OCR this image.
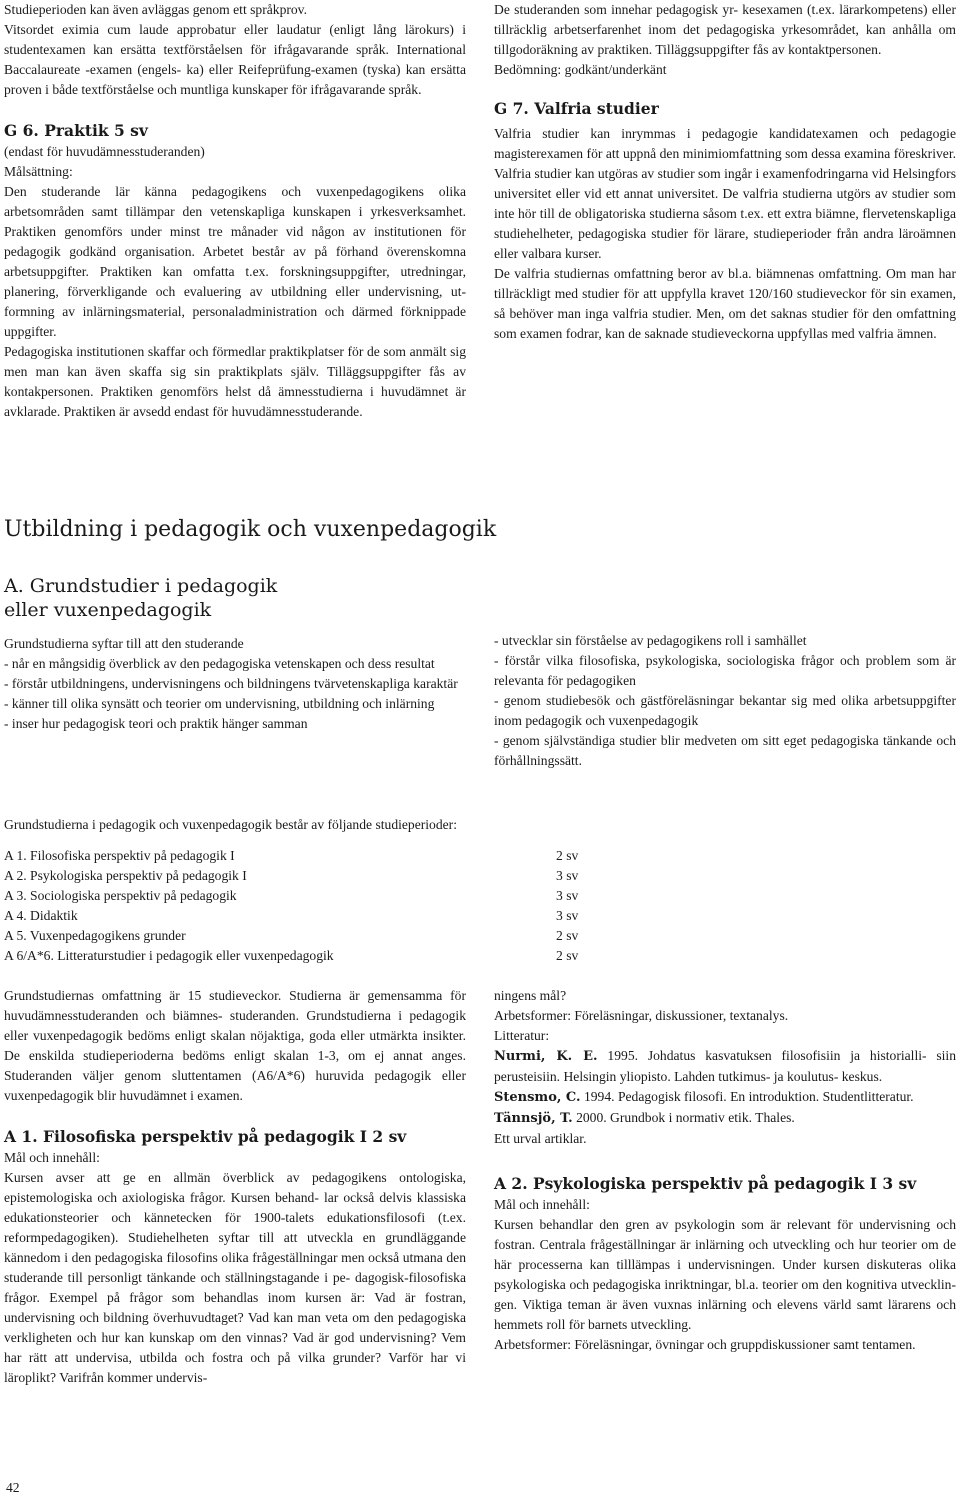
Studieperioden kan även avläggas genom ett språkprov.

Vitsordet eximia cum laude approbatur eller laudatur (enligt lång lärokurs) i studentexamen kan ersätta textförståelsen för ifrågavarande språk. International Baccalaureate -examen (engels- ka) eller Reifeprüfung-examen (tyska) kan ersätta proven i både textförståelse och muntliga kunskaper för ifrågavarande språk.

G 6. Praktik 5 sv

(endast för huvudämnesstuderanden)

Målsättning:

Den studerande lär känna pedagogikens och vuxenpedagogikens olika arbetsområden samt tillämpar den vetenskapliga kunskapen i yrkesverksamhet. Praktiken genomförs under minst tre månader vid någon av institutionen för pedagogik godkänd organisation. Arbetet består av på förhand överenskomna arbetsuppgifter. Praktiken kan omfatta t.ex. forskningsuppgifter, utredningar, planering, förverkligande och evaluering av utbildning eller undervisning, ut- formning av inlärningsmaterial, personaladministration och därmed förknippade uppgifter.

Pedagogiska institutionen skaffar och förmedlar praktikplatser för de som anmält sig men man kan även skaffa sig sin praktikplats själv. Tilläggsuppgifter fås av kontakpersonen. Praktiken genomförs helst då ämnesstudierna i huvudämnet är avklarade. Praktiken är avsedd endast för huvudämnesstuderande.

De studeranden som innehar pedagogisk yr- kesexamen (t.ex. lärarkompetens) eller tillräcklig arbetserfarenhet inom det pedagogiska yrkesområdet, kan anhålla om tillgodoräkning av praktiken. Tilläggsuppgifter fås av kontaktpersonen.

Bedömning: godkänt/underkänt

G 7. Valfria studier

Valfria studier kan inrymmas i pedagogie kandidatexamen och pedagogie magisterexamen för att uppnå den minimiomfattning som dessa examina föreskriver. Valfria studier kan utgöras av studier som ingår i examenfodringarna vid Helsingfors universitet eller vid ett annat universitet. De valfria studierna utgörs av studier som inte hör till de obligatoriska studierna såsom t.ex. ett extra biämne, flervetenskapliga studiehelheter, pedagogiska studier för lärare, studieperioder från andra läroämnen eller valbara kurser.

De valfria studiernas omfattning beror av bl.a. biämnenas omfattning. Om man har tillräckligt med studier för att uppfylla kravet 120/160 studieveckor för sin examen, så behöver man inga valfria studier. Men, om det saknas studier för den omfattning som examen fodrar, kan de saknade studieveckorna uppfyllas med valfria ämnen.

Utbildning i pedagogik och vuxenpedagogik
A. Grundstudier i pedagogik
eller vuxenpedagogik

Grundstudierna syftar till att den studerande

- når en mångsidig överblick av den pedagogiska vetenskapen och dess resultat

- förstår utbildningens, undervisningens och bildningens tvärvetenskapliga karaktär

- känner till olika synsätt och teorier om undervisning, utbildning och inlärning

- inser hur pedagogisk teori och praktik hänger samman

- utvecklar sin förståelse av pedagogikens roll i samhället

- förstår vilka filosofiska, psykologiska, sociologiska frågor och problem som är relevanta för pedagogiken

- genom studiebesök och gästföreläsningar bekantar sig med olika arbetsuppgifter inom pedagogik och vuxenpedagogik

- genom självständiga studier blir medveten om sitt eget pedagogiska tänkande och förhållningssätt.

Grundstudierna i pedagogik och vuxenpedagogik består av följande studieperioder:

A 1. Filosofiska perspektiv på pedagogik I	2 sv
A 2. Psykologiska perspektiv på pedagogik I	3 sv
A 3. Sociologiska perspektiv på pedagogik	3 sv
A 4. Didaktik	3 sv
A 5. Vuxenpedagogikens grunder	2 sv
A 6/A*6. Litteraturstudier i pedagogik eller vuxenpedagogik	2 sv

Grundstudiernas omfattning är 15 studieveckor. Studierna är gemensamma för huvudämnesstuderanden och biämnes- studeranden. Grundstudierna i pedagogik eller vuxenpedagogik bedöms enligt skalan nöjaktiga, goda eller utmärkta insikter. De enskilda studieperioderna bedöms enligt skalan 1-3, om ej annat anges. Studeranden väljer genom sluttentamen (A6/A*6) huruvida pedagogik eller vuxenpedagogik blir huvudämnet i examen.

A 1. Filosofiska perspektiv på pedagogik I 2 sv

Mål och innehåll:

Kursen avser att ge en allmän överblick av pedagogikens ontologiska, epistemologiska och axiologiska frågor. Kursen behand- lar också delvis klassiska edukationsteorier och kännetecken för 1900-talets edukationsfilosofi (t.ex. reformpedagogiken). Studiehelheten syftar till att utveckla en grundläggande kännedom i den pedagogiska filosofins olika frågeställningar men också utmana den studerande till personligt tänkande och ställningstagande i pe- dagogisk-filosofiska frågor. Exempel på frågor som behandlas inom kursen är: Vad är fostran, undervisning och bildning överhuvudtaget? Vad kan man veta om den pedagogiska verkligheten och hur kan kunskap om den vinnas? Vad är god undervisning? Vem har rätt att undervisa, utbilda och fostra och på vilka grunder? Varför har vi läroplikt? Varifrån kommer undervis-

ningens mål?

Arbetsformer: Föreläsningar, diskussioner, textanalys.

Litteratur:

Nurmi, K. E. 1995. Johdatus kasvatuksen filosofisiin ja historialli- siin perusteisiin. Helsingin yliopisto. Lahden tutkimus- ja koulutus- keskus.

Stensmo, C. 1994. Pedagogisk filosofi. En introduktion. Studentlitteratur.

Tännsjö, T. 2000. Grundbok i normativ etik. Thales.

Ett urval artiklar.

A 2. Psykologiska perspektiv på pedagogik I 3 sv

Mål och innehåll:

Kursen behandlar den gren av psykologin som är relevant för undervisning och fostran. Centrala frågeställningar är inlärning och utveckling och hur teorier om de här processerna kan tilllämpas i undervisningen. Under kursen diskuteras olika psykologiska och pedagogiska inriktningar, bl.a. teorier om den kognitiva utvecklin- gen. Viktiga teman är även vuxnas inlärning och elevens värld samt lärarens och hemmets roll för barnets utveckling.

Arbetsformer: Föreläsningar, övningar och gruppdiskussioner samt tentamen.

42
